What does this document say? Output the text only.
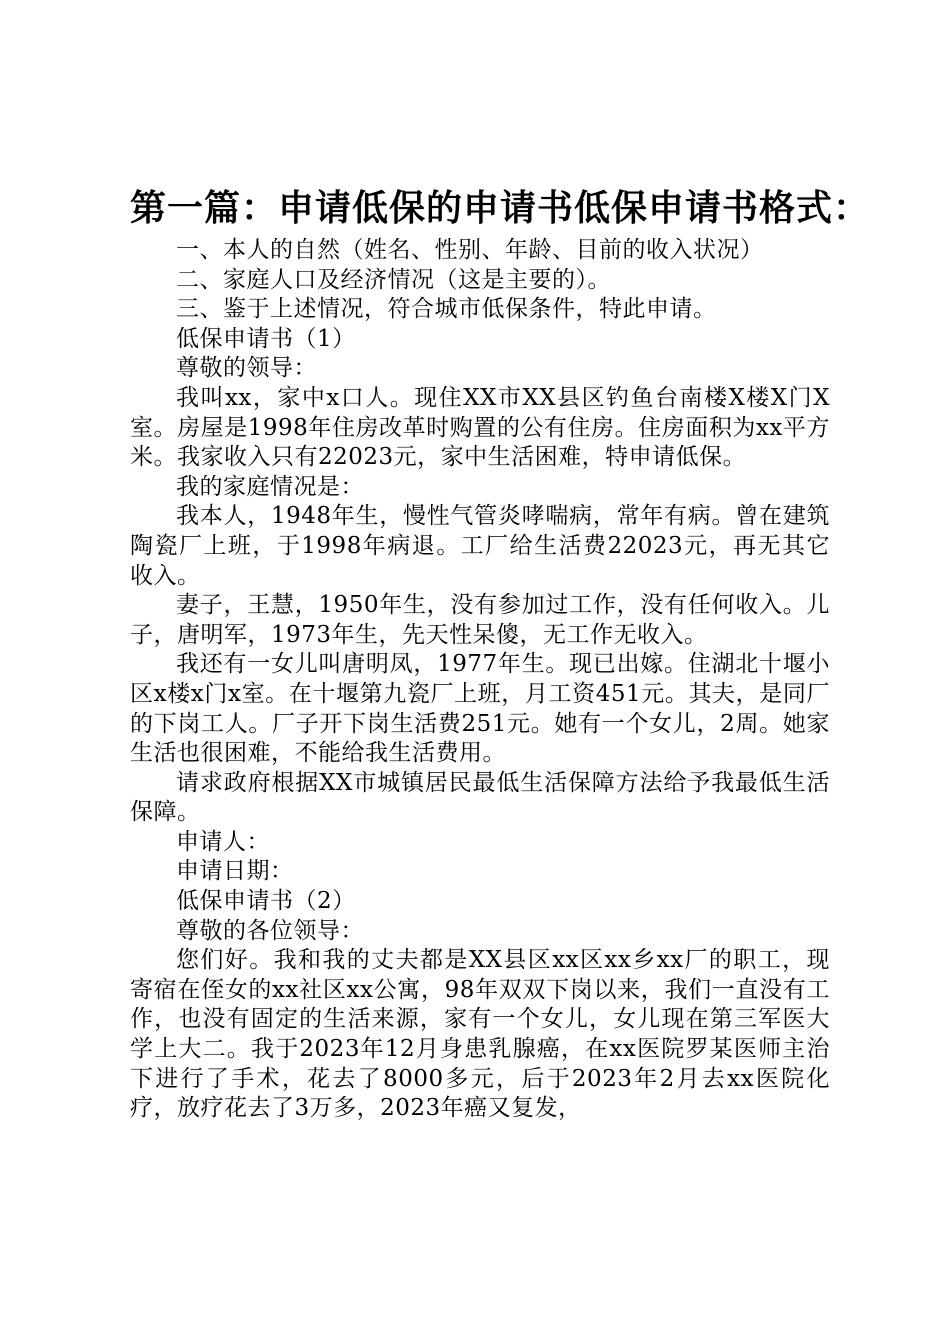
第一篇：申请低保的申请书低保申请书格式：

一、本人的自然（姓名、性别、年龄、目前的收入状况）

二、家庭人口及经济情况（这是主要的）。

三、鉴于上述情况，符合城市低保条件，特此申请。

低保申请书（1）

尊敬的领导：

我叫xx，家中x口人。现住XX市XX县区钓鱼台南楼X楼X门X室。房屋是1998年住房改革时购置的公有住房。住房面积为xx平方米。我家收入只有22023元，家中生活困难，特申请低保。

我的家庭情况是：

我本人，1948年生，慢性气管炎哮喘病，常年有病。曾在建筑陶瓷厂上班，于1998年病退。工厂给生活费22023元，再无其它收入。

妻子，王慧，1950年生，没有参加过工作，没有任何收入。儿子，唐明军，1973年生，先天性呆傻，无工作无收入。

我还有一女儿叫唐明凤，1977年生。现已出嫁。住湖北十堰小区x楼x门x室。在十堰第九瓷厂上班，月工资451元。其夫，是同厂的下岗工人。厂子开下岗生活费251元。她有一个女儿，2周。她家生活也很困难，不能给我生活费用。

请求政府根据XX市城镇居民最低生活保障方法给予我最低生活保障。

申请人：

申请日期：

低保申请书（2）

尊敬的各位领导：

您们好。我和我的丈夫都是XX县区xx区xx乡xx厂的职工，现寄宿在侄女的xx社区xx公寓，98年双双下岗以来，我们一直没有工作，也没有固定的生活来源，家有一个女儿，女儿现在第三军医大学上大二。我于2023年12月身患乳腺癌，在xx医院罗某医师主治下进行了手术，花去了8000多元，后于2023年2月去xx医院化疗，放疗花去了3万多，2023年癌又复发，
